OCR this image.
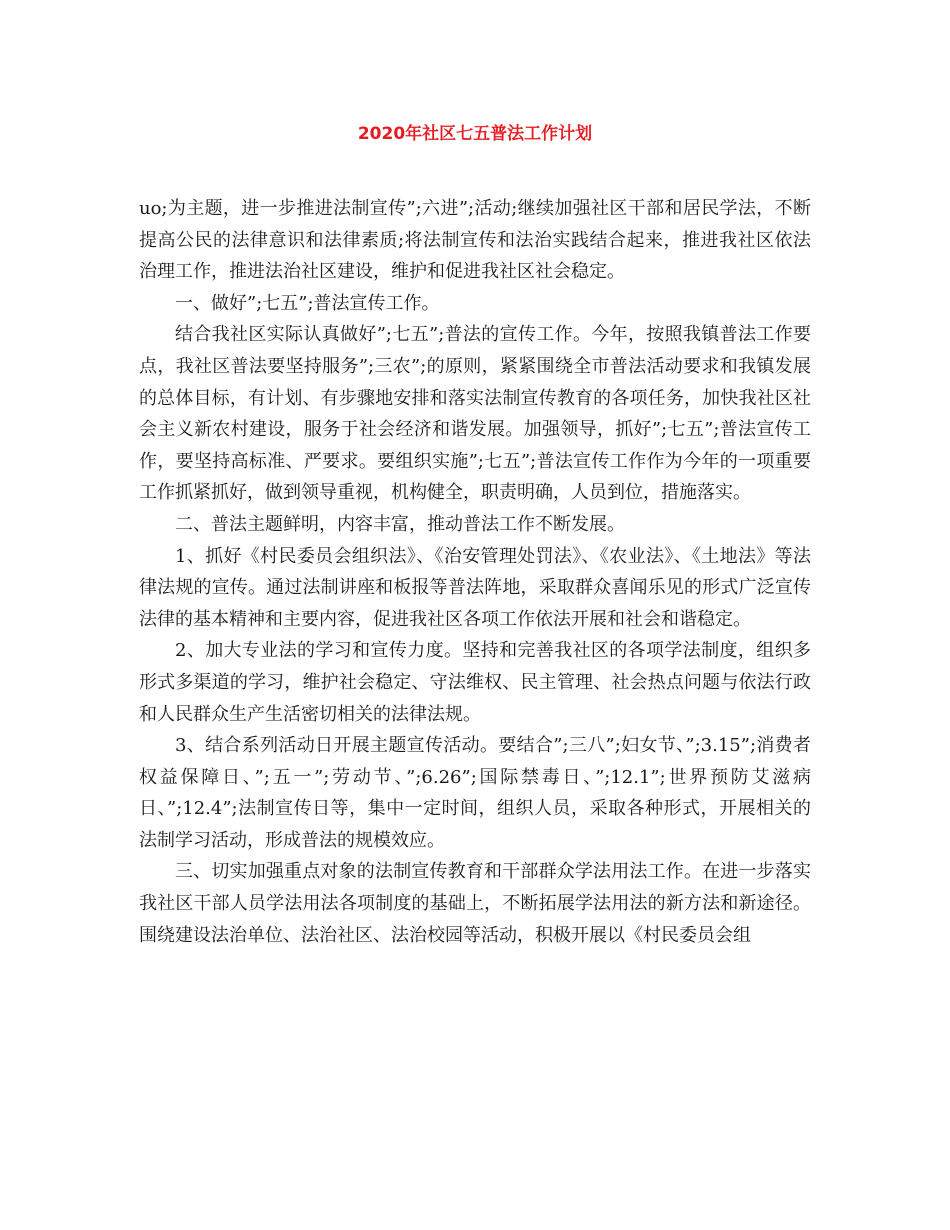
2020年社区七五普法工作计划

uo;为主题，进一步推进法制宣传”;六进”;活动;继续加强社区干部和居民学法，不断提高公民的法律意识和法律素质;将法制宣传和法治实践结合起来，推进我社区依法治理工作，推进法治社区建设，维护和促进我社区社会稳定。

一、做好”;七五”;普法宣传工作。

结合我社区实际认真做好”;七五”;普法的宣传工作。今年，按照我镇普法工作要点，我社区普法要坚持服务”;三农”;的原则，紧紧围绕全市普法活动要求和我镇发展的总体目标，有计划、有步骤地安排和落实法制宣传教育的各项任务，加快我社区社会主义新农村建设，服务于社会经济和谐发展。加强领导，抓好”;七五”;普法宣传工作，要坚持高标准、严要求。要组织实施”;七五”;普法宣传工作作为今年的一项重要工作抓紧抓好，做到领导重视，机构健全，职责明确，人员到位，措施落实。

二、普法主题鲜明，内容丰富，推动普法工作不断发展。

1、抓好《村民委员会组织法》、《治安管理处罚法》、《农业法》、《土地法》等法律法规的宣传。通过法制讲座和板报等普法阵地，采取群众喜闻乐见的形式广泛宣传法律的基本精神和主要内容，促进我社区各项工作依法开展和社会和谐稳定。

2、加大专业法的学习和宣传力度。坚持和完善我社区的各项学法制度，组织多形式多渠道的学习，维护社会稳定、守法维权、民主管理、社会热点问题与依法行政和人民群众生产生活密切相关的法律法规。

3、结合系列活动日开展主题宣传活动。要结合”;三八”;妇女节、”;3.15”;消费者权益保障日、”;五一”;劳动节、”;6.26”;国际禁毒日、”;12.1”;世界预防艾滋病日、”;12.4”;法制宣传日等，集中一定时间，组织人员，采取各种形式，开展相关的法制学习活动，形成普法的规模效应。

三、切实加强重点对象的法制宣传教育和干部群众学法用法工作。在进一步落实我社区干部人员学法用法各项制度的基础上，不断拓展学法用法的新方法和新途径。围绕建设法治单位、法治社区、法治校园等活动，积极开展以《村民委员会组
